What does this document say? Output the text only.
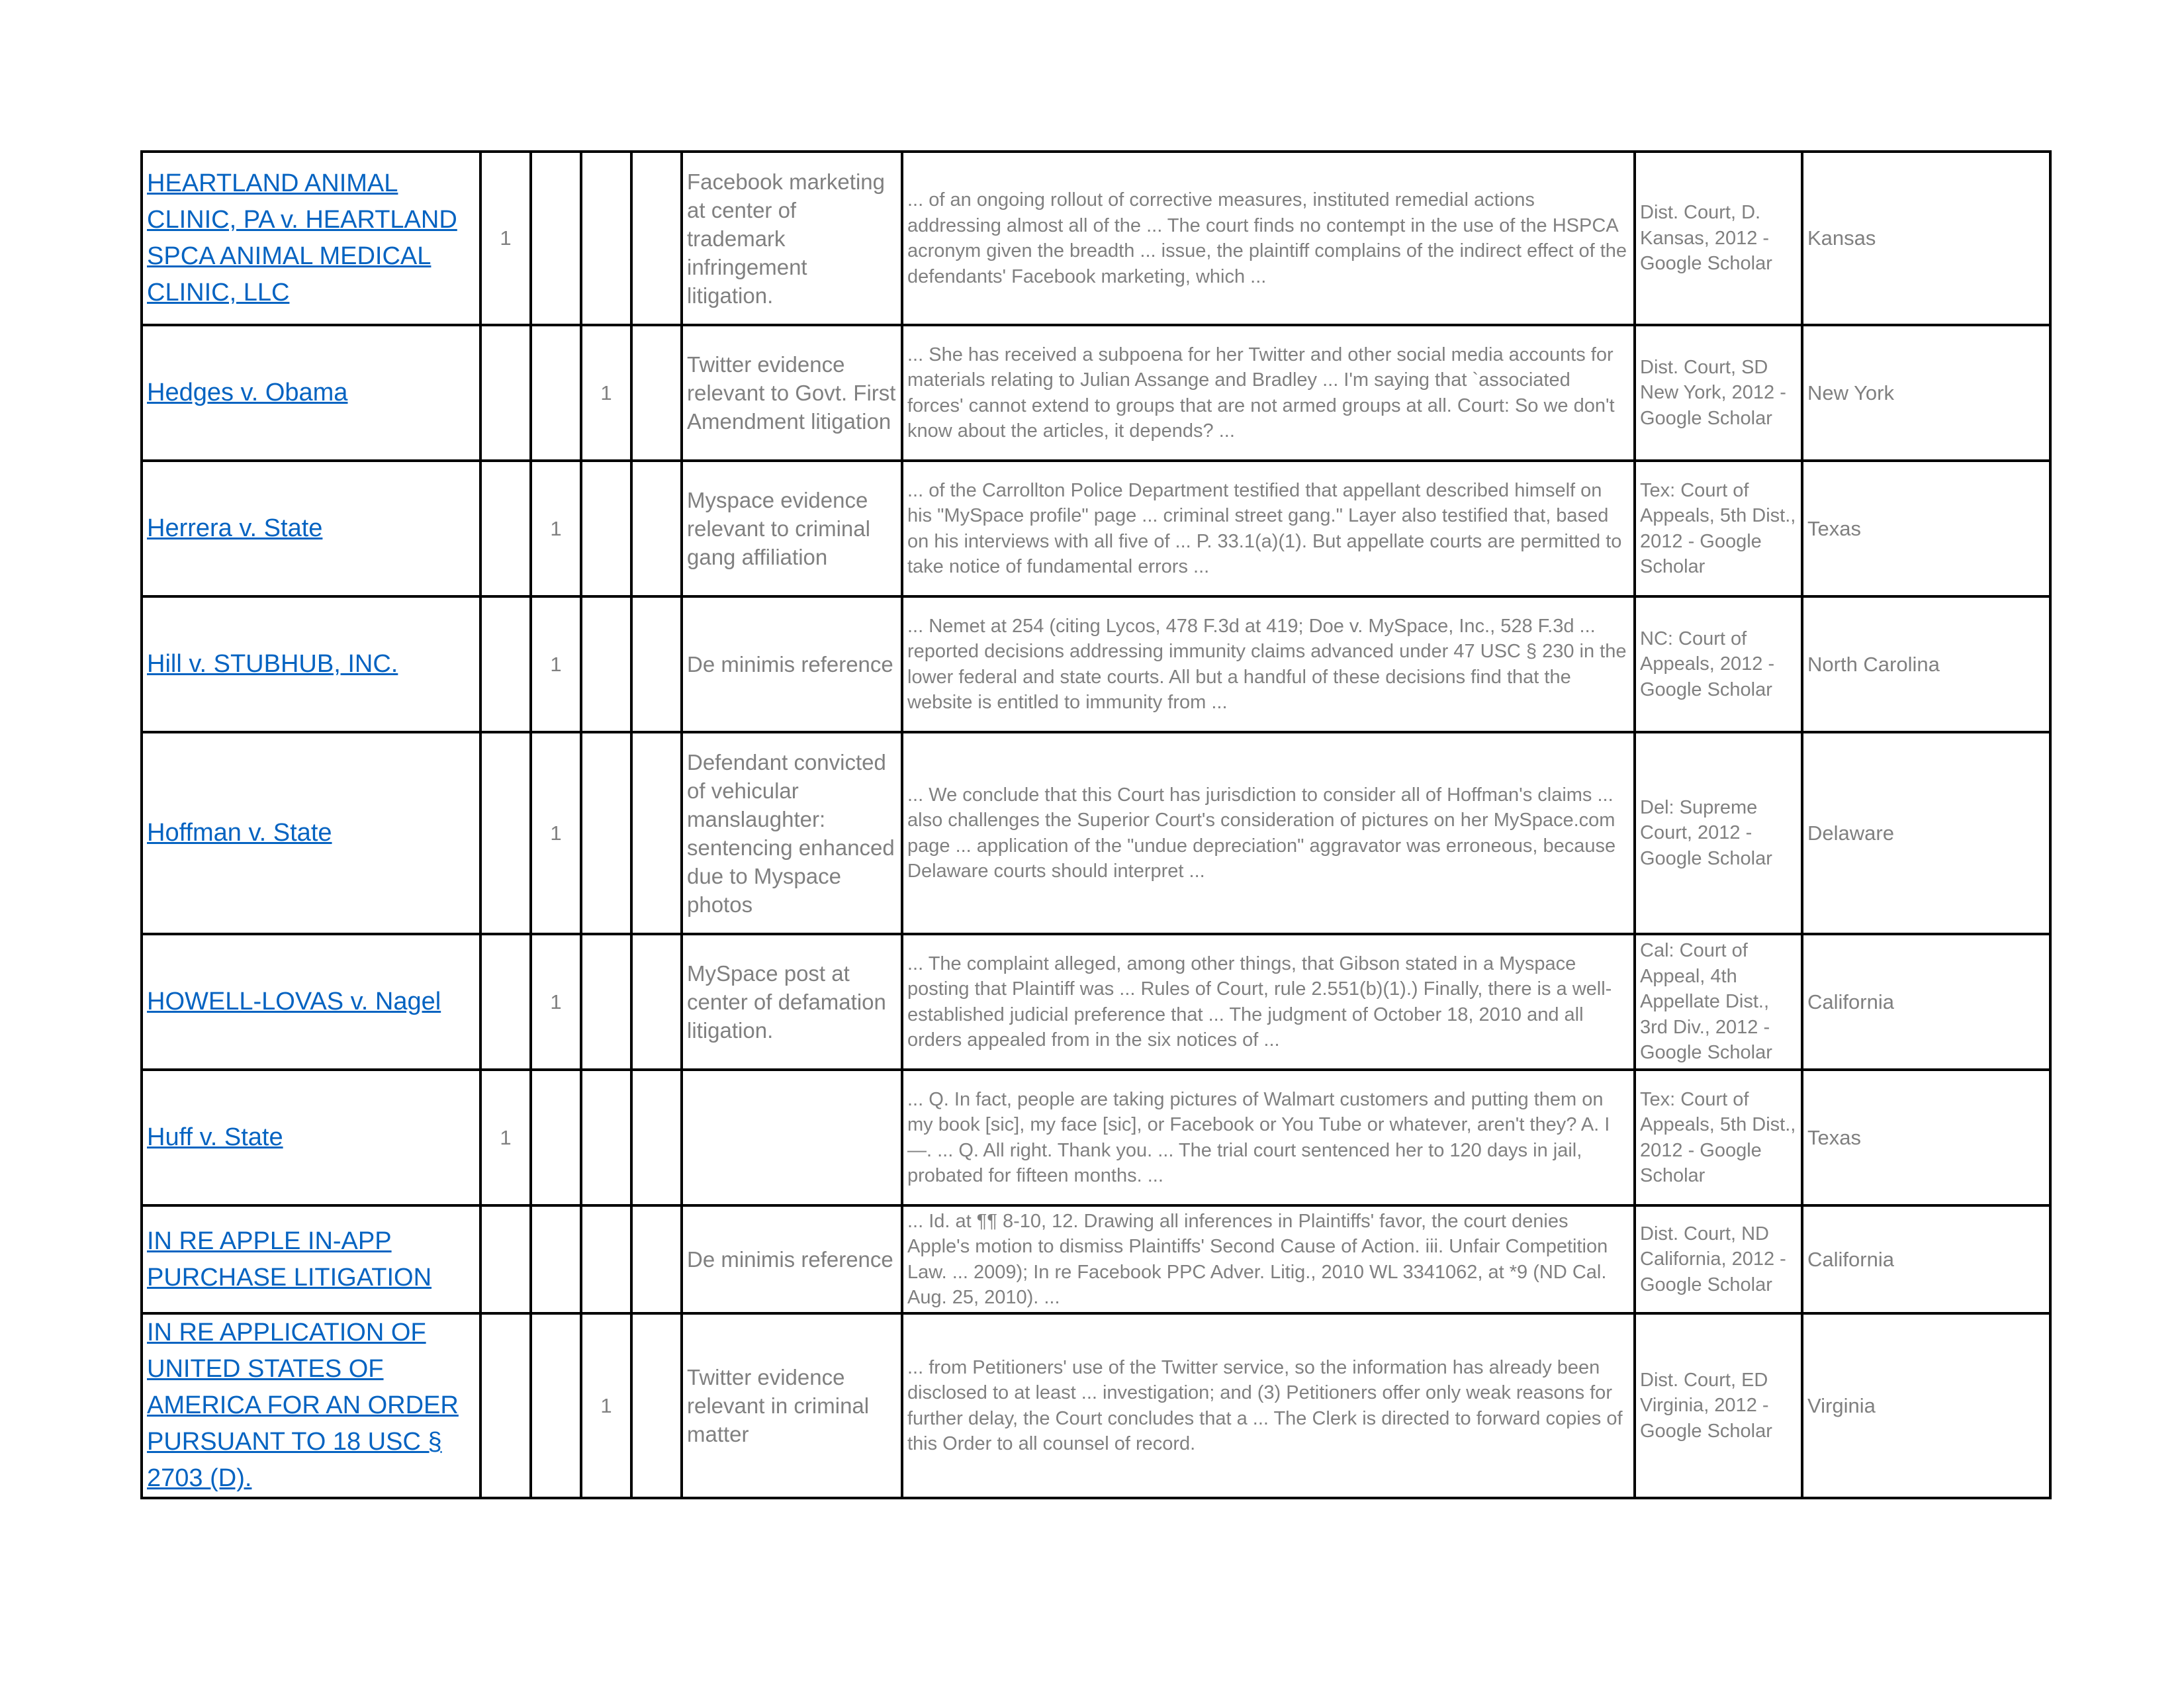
HEARTLAND ANIMAL CLINIC, PA v. HEARTLAND SPCA ANIMAL MEDICAL CLINIC, LLC	1				Facebook marketing at center of trademark infringement litigation.	... of an ongoing rollout of corrective measures, instituted remedial actions addressing almost all of the ... The court finds no contempt in the use of the HSPCA acronym given the breadth ... issue, the plaintiff complains of the indirect effect of the defendants' Facebook marketing, which ...	Dist. Court, D. Kansas, 2012 - Google Scholar	Kansas
Hedges v. Obama			1		Twitter evidence relevant to Govt. First Amendment litigation	... She has received a subpoena for her Twitter and other social media accounts for materials relating to Julian Assange and Bradley ... I'm saying that `associated forces' cannot extend to groups that are not armed groups at all. Court: So we don't know about the articles, it depends? ...	Dist. Court, SD New York, 2012 - Google Scholar	New York
Herrera v. State		1			Myspace evidence relevant to criminal gang affiliation	... of the Carrollton Police Department testified that appellant described himself on his "MySpace profile" page ... criminal street gang." Layer also testified that, based on his interviews with all five of ... P. 33.1(a)(1). But appellate courts are permitted to take notice of fundamental errors ...	Tex: Court of Appeals, 5th Dist., 2012 - Google Scholar	Texas
Hill v. STUBHUB, INC.		1			De minimis reference	... Nemet at 254 (citing Lycos, 478 F.3d at 419; Doe v. MySpace, Inc., 528 F.3d ... reported decisions addressing immunity claims advanced under 47 USC § 230 in the lower federal and state courts. All but a handful of these decisions find that the website is entitled to immunity from ...	NC: Court of Appeals, 2012 - Google Scholar	North Carolina
Hoffman v. State		1			Defendant convicted of vehicular manslaughter: sentencing enhanced due to Myspace photos	... We conclude that this Court has jurisdiction to consider all of Hoffman's claims ... also challenges the Superior Court's consideration of pictures on her MySpace.com page ... application of the "undue depreciation" aggravator was erroneous, because Delaware courts should interpret ...	Del: Supreme Court, 2012 - Google Scholar	Delaware
HOWELL-LOVAS v. Nagel		1			MySpace post at center of defamation litigation.	... The complaint alleged, among other things, that Gibson stated in a Myspace posting that Plaintiff was ... Rules of Court, rule 2.551(b)(1).) Finally, there is a well-established judicial preference that ... The judgment of October 18, 2010 and all orders appealed from in the six notices of ...	Cal: Court of Appeal, 4th Appellate Dist., 3rd Div., 2012 - Google Scholar	California
Huff v. State	1					... Q. In fact, people are taking pictures of Walmart customers and putting them on my book [sic], my face [sic], or Facebook or You Tube or whatever, aren't they? A. I—. ... Q. All right. Thank you. ... The trial court sentenced her to 120 days in jail, probated for fifteen months. ...	Tex: Court of Appeals, 5th Dist., 2012 - Google Scholar	Texas
IN RE APPLE IN-APP PURCHASE LITIGATION					De minimis reference	... Id. at ¶¶ 8-10, 12. Drawing all inferences in Plaintiffs' favor, the court denies Apple's motion to dismiss Plaintiffs' Second Cause of Action. iii. Unfair Competition Law. ... 2009); In re Facebook PPC Adver. Litig., 2010 WL 3341062, at *9 (ND Cal. Aug. 25, 2010). ...	Dist. Court, ND California, 2012 - Google Scholar	California
IN RE APPLICATION OF UNITED STATES OF AMERICA FOR AN ORDER PURSUANT TO 18 USC § 2703 (D).			1		Twitter evidence relevant in criminal matter	... from Petitioners' use of the Twitter service, so the information has already been disclosed to at least ... investigation; and (3) Petitioners offer only weak reasons for further delay, the Court concludes that a ... The Clerk is directed to forward copies of this Order to all counsel of record.	Dist. Court, ED Virginia, 2012 - Google Scholar	Virginia
